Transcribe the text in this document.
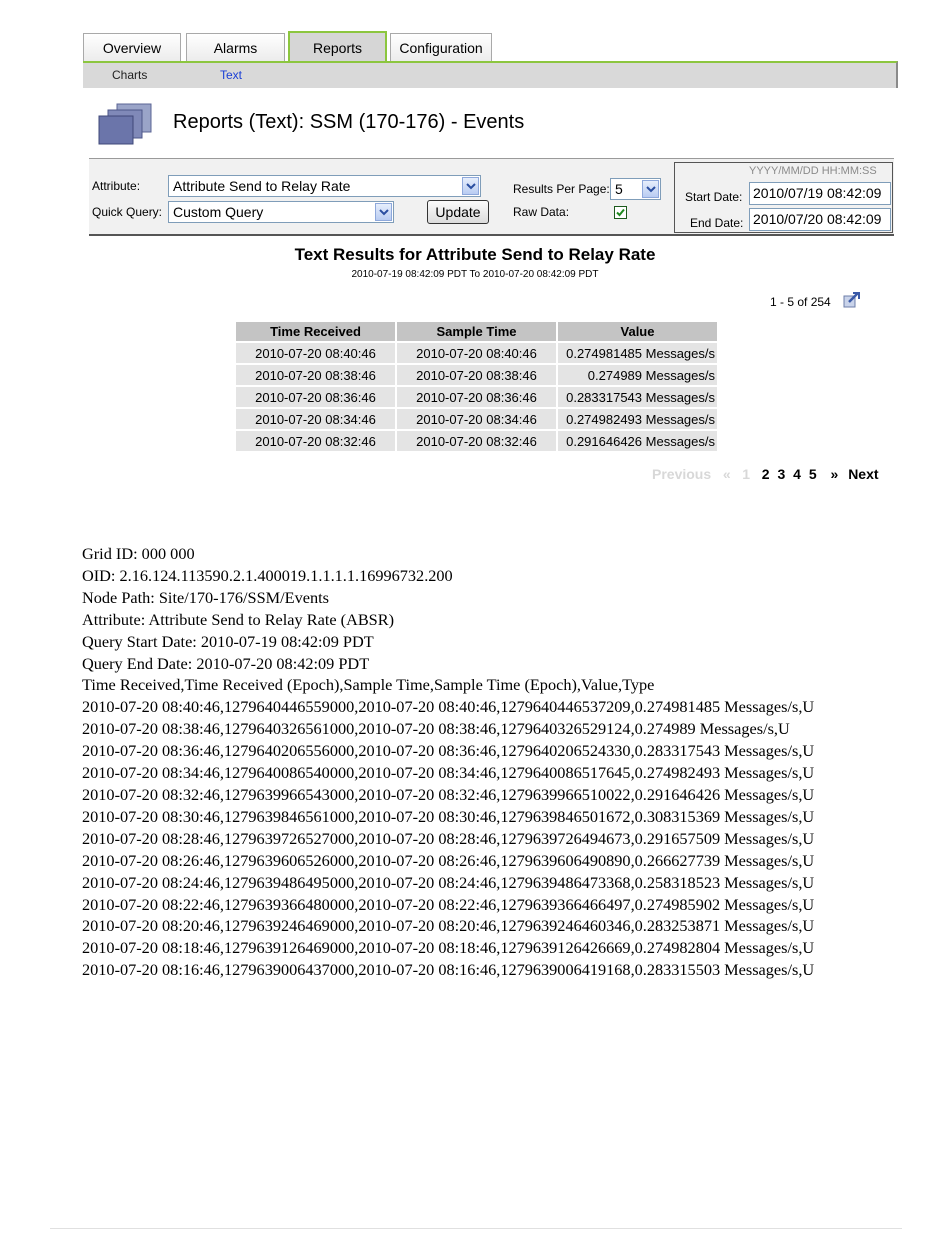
Overview	Alarms	Reports	Configuration
Charts	Text
Reports (Text): SSM (170-176) - Events
Attribute:	Attribute Send to Relay Rate
Quick Query: Custom Query	Update
Results Per Page: 5
Raw Data:
YYYY/MM/DD HH:MM:SS
Start Date: 2010/07/19 08:42:09
End Date: 2010/07/20 08:42:09
Text Results for Attribute Send to Relay Rate
2010-07-19 08:42:09 PDT To 2010-07-20 08:42:09 PDT
1 - 5 of 254
Time Received	Sample Time	Value
2010-07-20 08:40:46	2010-07-20 08:40:46	0.274981485 Messages/s
2010-07-20 08:38:46	2010-07-20 08:38:46	0.274989 Messages/s
2010-07-20 08:36:46	2010-07-20 08:36:46	0.283317543 Messages/s
2010-07-20 08:34:46	2010-07-20 08:34:46	0.274982493 Messages/s
2010-07-20 08:32:46	2010-07-20 08:32:46	0.291646426 Messages/s
Previous « 1 2 3 4 5 » Next
Grid ID: 000 000
OID: 2.16.124.113590.2.1.400019.1.1.1.1.16996732.200
Node Path: Site/170-176/SSM/Events
Attribute: Attribute Send to Relay Rate (ABSR)
Query Start Date: 2010-07-19 08:42:09 PDT
Query End Date: 2010-07-20 08:42:09 PDT
Time Received,Time Received (Epoch),Sample Time,Sample Time (Epoch),Value,Type
2010-07-20 08:40:46,1279640446559000,2010-07-20 08:40:46,1279640446537209,0.274981485 Messages/s,U
2010-07-20 08:38:46,1279640326561000,2010-07-20 08:38:46,1279640326529124,0.274989 Messages/s,U
2010-07-20 08:36:46,1279640206556000,2010-07-20 08:36:46,1279640206524330,0.283317543 Messages/s,U
2010-07-20 08:34:46,1279640086540000,2010-07-20 08:34:46,1279640086517645,0.274982493 Messages/s,U
2010-07-20 08:32:46,1279639966543000,2010-07-20 08:32:46,1279639966510022,0.291646426 Messages/s,U
2010-07-20 08:30:46,1279639846561000,2010-07-20 08:30:46,1279639846501672,0.308315369 Messages/s,U
2010-07-20 08:28:46,1279639726527000,2010-07-20 08:28:46,1279639726494673,0.291657509 Messages/s,U
2010-07-20 08:26:46,1279639606526000,2010-07-20 08:26:46,1279639606490890,0.266627739 Messages/s,U
2010-07-20 08:24:46,1279639486495000,2010-07-20 08:24:46,1279639486473368,0.258318523 Messages/s,U
2010-07-20 08:22:46,1279639366480000,2010-07-20 08:22:46,1279639366466497,0.274985902 Messages/s,U
2010-07-20 08:20:46,1279639246469000,2010-07-20 08:20:46,1279639246460346,0.283253871 Messages/s,U
2010-07-20 08:18:46,1279639126469000,2010-07-20 08:18:46,1279639126426669,0.274982804 Messages/s,U
2010-07-20 08:16:46,1279639006437000,2010-07-20 08:16:46,1279639006419168,0.283315503 Messages/s,U
